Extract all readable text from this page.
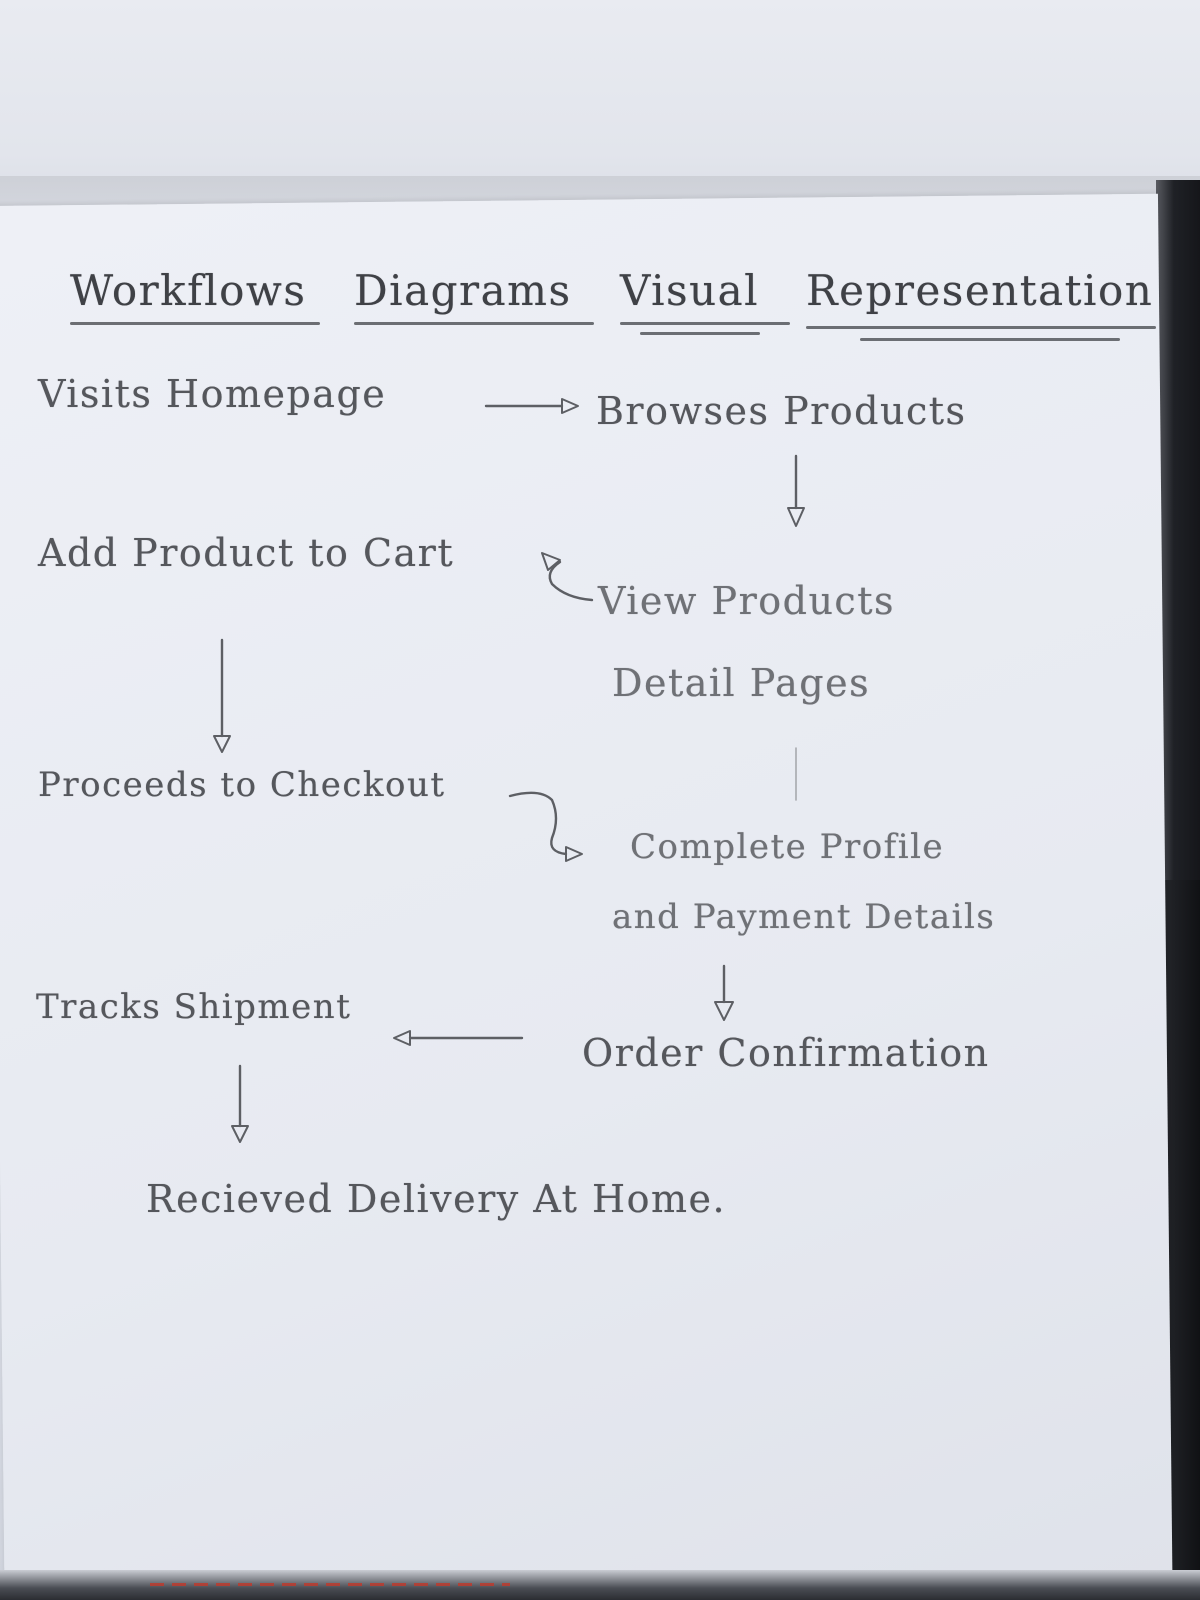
Workflows Diagrams Visual Representation
Visits Homepage	Browses Products
Add Product to Cart
View Products
Detail Pages
Proceeds to Checkout
Complete Profile
and Payment Details
Tracks Shipment
Order Confirmation
Recieved Delivery At Home.
